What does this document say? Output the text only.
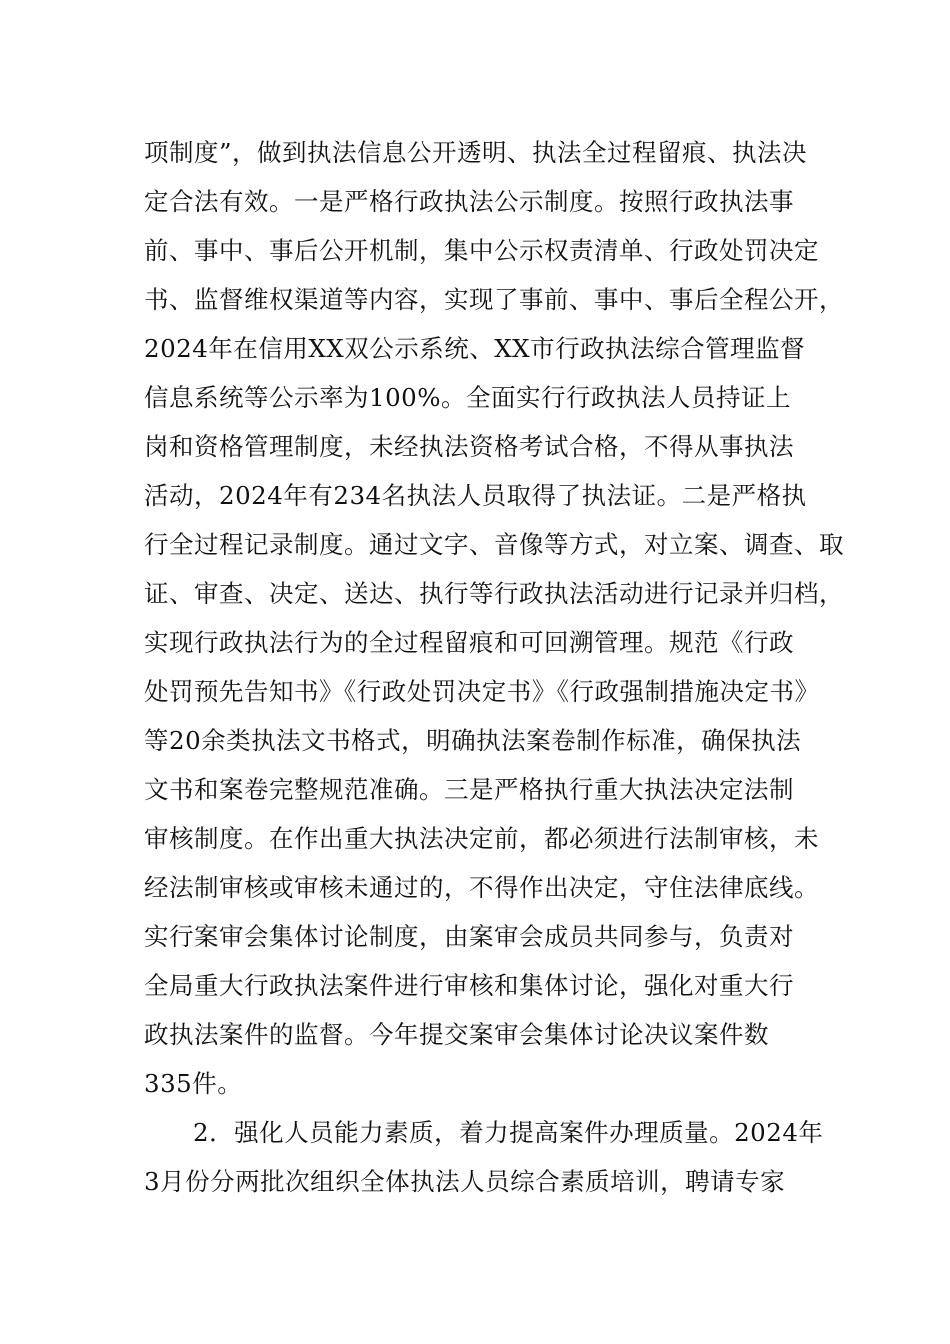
项制度”，做到执法信息公开透明、执法全过程留痕、执法决
定合法有效。一是严格行政执法公示制度。按照行政执法事
前、事中、事后公开机制，集中公示权责清单、行政处罚决定
书、监督维权渠道等内容，实现了事前、事中、事后全程公开，
2024年在信用XX双公示系统、XX市行政执法综合管理监督
信息系统等公示率为100%。全面实行行政执法人员持证上
岗和资格管理制度，未经执法资格考试合格，不得从事执法
活动，2024年有234名执法人员取得了执法证。二是严格执
行全过程记录制度。通过文字、音像等方式，对立案、调查、取
证、审查、决定、送达、执行等行政执法活动进行记录并归档，
实现行政执法行为的全过程留痕和可回溯管理。规范《行政
处罚预先告知书》《行政处罚决定书》《行政强制措施决定书》
等20余类执法文书格式，明确执法案卷制作标准，确保执法
文书和案卷完整规范准确。三是严格执行重大执法决定法制
审核制度。在作出重大执法决定前，都必须进行法制审核，未
经法制审核或审核未通过的，不得作出决定，守住法律底线。
实行案审会集体讨论制度，由案审会成员共同参与，负责对
全局重大行政执法案件进行审核和集体讨论，强化对重大行
政执法案件的监督。今年提交案审会集体讨论决议案件数
335件。
2．强化人员能力素质，着力提高案件办理质量。2024年
3月份分两批次组织全体执法人员综合素质培训，聘请专家
